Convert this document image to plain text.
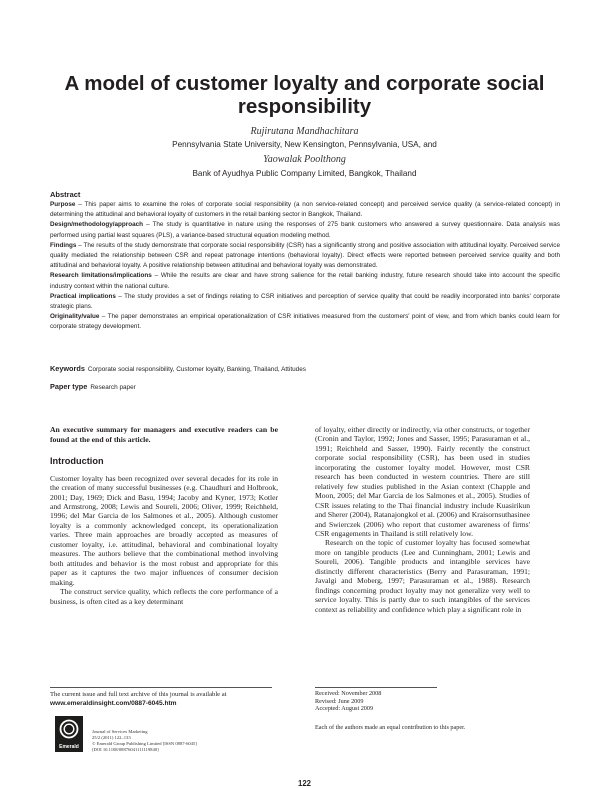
A model of customer loyalty and corporate social responsibility
Rujirutana Mandhachitara
Pennsylvania State University, New Kensington, Pennsylvania, USA, and
Yaowalak Poolthong
Bank of Ayudhya Public Company Limited, Bangkok, Thailand

Abstract

Purpose – This paper aims to examine the roles of corporate social responsibility (a non service-related concept) and perceived service quality (a service-related concept) in determining the attitudinal and behavioral loyalty of customers in the retail banking sector in Bangkok, Thailand.

Design/methodology/approach – The study is quantitative in nature using the responses of 275 bank customers who answered a survey questionnaire. Data analysis was performed using partial least squares (PLS), a variance-based structural equation modeling method.

Findings – The results of the study demonstrate that corporate social responsibility (CSR) has a significantly strong and positive association with attitudinal loyalty. Perceived service quality mediated the relationship between CSR and repeat patronage intentions (behavioral loyalty). Direct effects were reported between perceived service quality and both attitudinal and behavioral loyalty. A positive relationship between attitudinal and behavioral loyalty was demonstrated.

Research limitations/implications – While the results are clear and have strong salience for the retail banking industry, future research should take into account the specific industry context within the national culture.

Practical implications – The study provides a set of findings relating to CSR initiatives and perception of service quality that could be readily incorporated into banks' corporate strategic plans.

Originality/value – The paper demonstrates an empirical operationalization of CSR initiatives measured from the customers' point of view, and from which banks could learn for corporate strategy development.

Keywords Corporate social responsibility, Customer loyalty, Banking, Thailand, Attitudes
Paper type Research paper

An executive summary for managers and executive readers can be found at the end of this article.

Introduction

Customer loyalty has been recognized over several decades for its role in the creation of many successful businesses (e.g. Chaudhuri and Holbrook, 2001; Day, 1969; Dick and Basu, 1994; Jacoby and Kyner, 1973; Kotler and Armstrong, 2008; Lewis and Soureli, 2006; Oliver, 1999; Reichheld, 1996; del Mar Garcia de los Salmones et al., 2005). Although customer loyalty is a commonly acknowledged concept, its operationalization varies. Three main approaches are broadly accepted as measures of customer loyalty, i.e. attitudinal, behavioral and combinational loyalty measures. The authors believe that the combinational method involving both attitudes and behavior is the most robust and appropriate for this paper as it captures the two major influences of consumer decision making.

The construct service quality, which reflects the core performance of a business, is often cited as a key determinant

of loyalty, either directly or indirectly, via other constructs, or together (Cronin and Taylor, 1992; Jones and Sasser, 1995; Parasuraman et al., 1991; Reichheld and Sasser, 1990). Fairly recently the construct corporate social responsibility (CSR), has been used in studies incorporating the customer loyalty model. However, most CSR research has been conducted in western countries. There are still relatively few studies published in the Asian context (Chapple and Moon, 2005; del Mar Garcia de los Salmones et al., 2005). Studies of CSR issues relating to the Thai financial industry include Kuasirikun and Sherer (2004), Ratanajongkol et al. (2006) and Kraisornsuthasinee and Swierczek (2006) who report that customer awareness of firms' CSR engagements in Thailand is still relatively low.

Research on the topic of customer loyalty has focused somewhat more on tangible products (Lee and Cunningham, 2001; Lewis and Soureli, 2006). Tangible products and intangible services have distinctly different characteristics (Berry and Parasuraman, 1991; Javalgi and Moberg, 1997; Parasuraman et al., 1988). Research findings concerning product loyalty may not generalize very well to service loyalty. This is partly due to such intangibles of the services context as reliability and confidence which play a significant role in

The current issue and full text archive of this journal is available at
www.emeraldinsight.com/0887-6045.htm
Emerald
Journal of Services Marketing
25/2 (2011) 122–133
© Emerald Group Publishing Limited [ISSN 0887-6045]
[DOI 10.1108/08876041111119840]
Received: November 2008
Revised: June 2009
Accepted: August 2009
Each of the authors made an equal contribution to this paper.
122
